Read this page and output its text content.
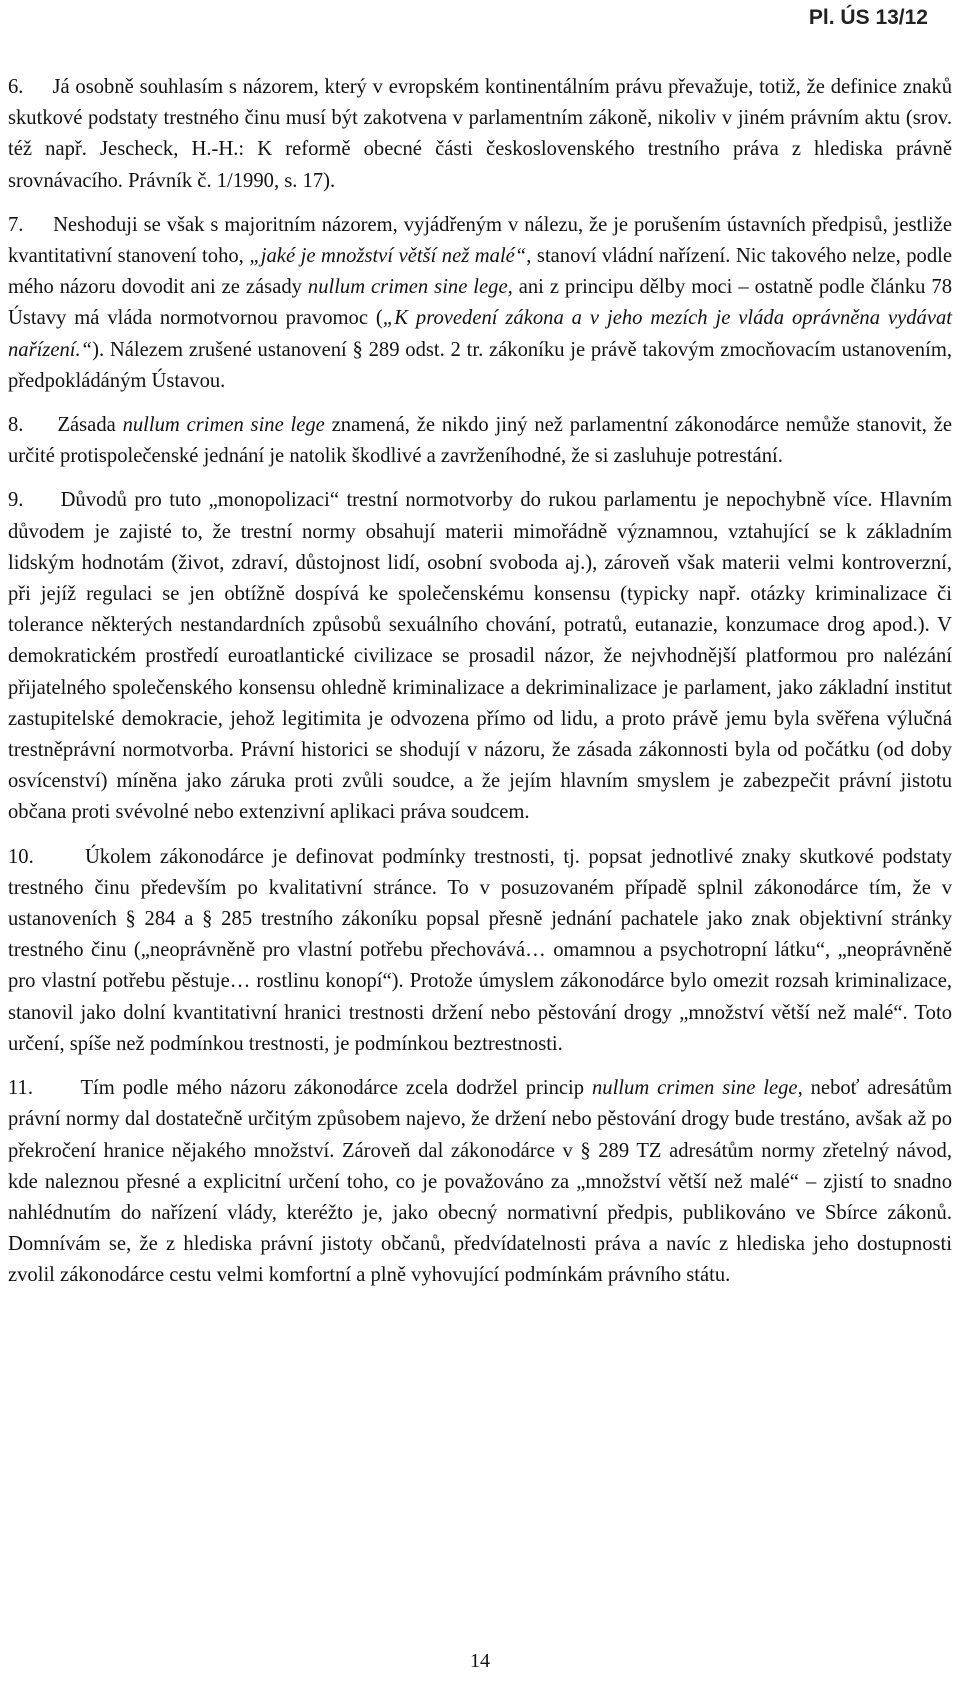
Pl. ÚS 13/12

6. Já osobně souhlasím s názorem, který v evropském kontinentálním právu převažuje, totiž, že definice znaků skutkové podstaty trestného činu musí být zakotvena v parlamentním zákoně, nikoliv v jiném právním aktu (srov. též např. Jescheck, H.-H.: K reformě obecné části československého trestního práva z hlediska právně srovnávacího. Právník č. 1/1990, s. 17).

7. Neshoduji se však s majoritním názorem, vyjádřeným v nálezu, že je porušením ústavních předpisů, jestliže kvantitativní stanovení toho, „jaké je množství větší než malé“, stanoví vládní nařízení. Nic takového nelze, podle mého názoru dovodit ani ze zásady nullum crimen sine lege, ani z principu dělby moci – ostatně podle článku 78 Ústavy má vláda normotvornou pravomoc („K provedení zákona a v jeho mezích je vláda oprávněna vydávat nařízení.“). Nálezem zrušené ustanovení § 289 odst. 2 tr. zákoníku je právě takovým zmocňovacím ustanovením, předpokládáným Ústavou.

8. Zásada nullum crimen sine lege znamená, že nikdo jiný než parlamentní zákonodárce nemůže stanovit, že určité protispolečenské jednání je natolik škodlivé a zavrženíhodné, že si zasluhuje potrestání.

9. Důvodů pro tuto „monopolizaci“ trestní normotvorby do rukou parlamentu je nepochybně více. Hlavním důvodem je zajisté to, že trestní normy obsahují materii mimořádně významnou, vztahující se k základním lidským hodnotám (život, zdraví, důstojnost lidí, osobní svoboda aj.), zároveň však materii velmi kontroverzní, při jejíž regulaci se jen obtížně dospívá ke společenskému konsensu (typicky např. otázky kriminalizace či tolerance některých nestandardních způsobů sexuálního chování, potratů, eutanazie, konzumace drog apod.). V demokratickém prostředí euroatlantické civilizace se prosadil názor, že nejvhodnější platformou pro nalézání přijatelného společenského konsensu ohledně kriminalizace a dekriminalizace je parlament, jako základní institut zastupitelské demokracie, jehož legitimita je odvozena přímo od lidu, a proto právě jemu byla svěřena výlučná trestněprávní normotvorba. Právní historici se shodují v názoru, že zásada zákonnosti byla od počátku (od doby osvícenství) míněna jako záruka proti zvůli soudce, a že jejím hlavním smyslem je zabezpečit právní jistotu občana proti svévolné nebo extenzivní aplikaci práva soudcem.

10. Úkolem zákonodárce je definovat podmínky trestnosti, tj. popsat jednotlivé znaky skutkové podstaty trestného činu především po kvalitativní stránce. To v posuzovaném případě splnil zákonodárce tím, že v ustanoveních § 284 a § 285 trestního zákoníku popsal přesně jednání pachatele jako znak objektivní stránky trestného činu („neoprávněně pro vlastní potřebu přechovává… omamnou a psychotropní látku“, „neoprávněně pro vlastní potřebu pěstuje… rostlinu konopí“). Protože úmyslem zákonodárce bylo omezit rozsah kriminalizace, stanovil jako dolní kvantitativní hranici trestnosti držení nebo pěstování drogy „množství větší než malé“. Toto určení, spíše než podmínkou trestnosti, je podmínkou beztrestnosti.

11. Tím podle mého názoru zákonodárce zcela dodržel princip nullum crimen sine lege, neboť adresátům právní normy dal dostatečně určitým způsobem najevo, že držení nebo pěstování drogy bude trestáno, avšak až po překročení hranice nějakého množství. Zároveň dal zákonodárce v § 289 TZ adresátům normy zřetelný návod, kde naleznou přesné a explicitní určení toho, co je považováno za „množství větší než malé“ – zjistí to snadno nahlédnutím do nařízení vlády, kteréžto je, jako obecný normativní předpis, publikováno ve Sbírce zákonů. Domnívám se, že z hlediska právní jistoty občanů, předvídatelnosti práva a navíc z hlediska jeho dostupnosti zvolil zákonodárce cestu velmi komfortní a plně vyhovující podmínkám právního státu.

14
